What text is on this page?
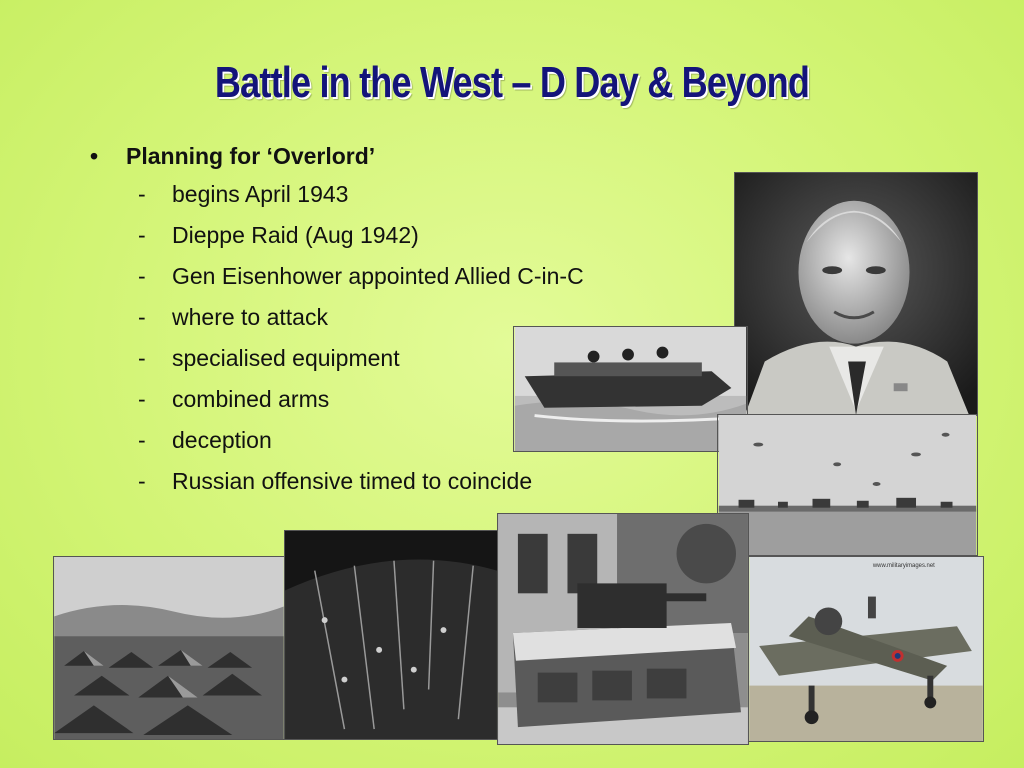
Battle in the West – D Day & Beyond
•	Planning for ‘Overlord’
-	begins April 1943
-	Dieppe Raid (Aug 1942)
-	Gen Eisenhower appointed Allied C-in-C
-	where to attack
-	specialised equipment
-	combined arms
-	deception
-	Russian offensive timed to coincide
www.militaryimages.net
